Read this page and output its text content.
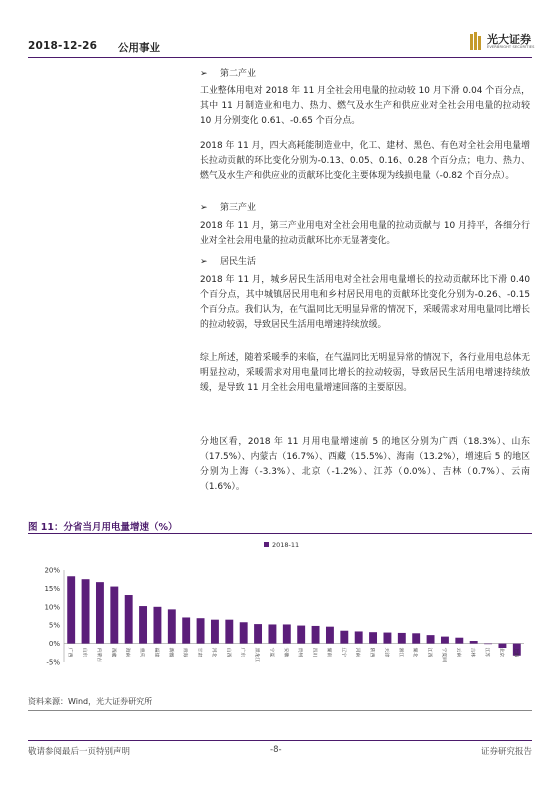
2018-12-26 公用事业
光大证券
EVERBRIGHT SECURITIES
➢ 第二产业

工业整体用电对 2018 年 11 月全社会用电量的拉动较 10 月下滑 0.04 个百分点，其中 11 月制造业和电力、热力、燃气及水生产和供应业对全社会用电量的拉动较 10 月分别变化 0.61、-0.65 个百分点。

2018 年 11 月，四大高耗能制造业中，化工、建材、黑色、有色对全社会用电量增长拉动贡献的环比变化分别为-0.13、0.05、0.16、0.28 个百分点；电力、热力、燃气及水生产和供应业的贡献环比变化主要体现为线损电量（-0.82 个百分点）。

➢ 第三产业

2018 年 11 月，第三产业用电对全社会用电量的拉动贡献与 10 月持平，各细分行业对全社会用电量的拉动贡献环比亦无显著变化。

➢ 居民生活

2018 年 11 月，城乡居民生活用电对全社会用电量增长的拉动贡献环比下滑 0.40 个百分点，其中城镇居民用电和乡村居民用电的贡献环比变化分别为-0.26、-0.15 个百分点。我们认为，在气温同比无明显异常的情况下，采暖需求对用电量同比增长的拉动较弱，导致居民生活用电增速持续放缓。

综上所述，随着采暖季的来临，在气温同比无明显异常的情况下，各行业用电总体无明显拉动，采暖需求对用电量同比增长的拉动较弱，导致居民生活用电增速持续放缓，是导致 11 月全社会用电量增速回落的主要原因。

分地区看，2018 年 11 月用电量增速前 5 的地区分别为广西（18.3%）、山东（17.5%）、内蒙古（16.7%）、西藏（15.5%）、海南（13.2%），增速后 5 的地区分别为上海（-3.3%）、北京（-1.2%）、江苏（0.0%）、吉林（0.7%）、云南（1.6%）。

图 11：分省当月用电量增速（%）
2018-11
-5%
0%
5%
10%
15%
20%
广西	山东	内蒙古	西藏	海南	重庆	福建	新疆	青海	甘肃	河北	山西	广东	黑龙江	宁夏	安徽	贵州	四川	湖南	辽宁	河南	陕西	天津	浙江	湖北	江西	宁夏回	云南	吉林	江苏	北京	上海
资料来源：Wind，光大证券研究所
敬请参阅最后一页特别声明	-8-	证券研究报告
